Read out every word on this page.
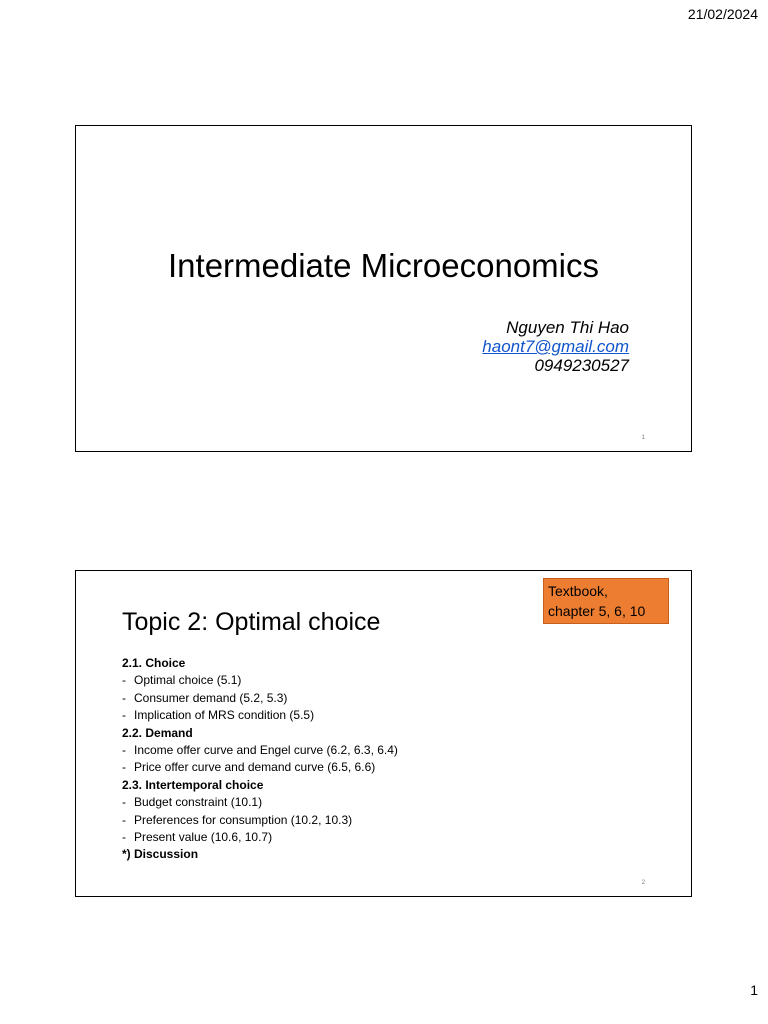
21/02/2024
Intermediate Microeconomics
Nguyen Thi Hao
haont7@gmail.com
0949230527
1
Topic 2: Optimal choice
Textbook,
chapter 5, 6, 10
2.1. Choice
- Optimal choice (5.1)
- Consumer demand (5.2, 5.3)
- Implication of MRS condition (5.5)
2.2. Demand
- Income offer curve and Engel curve (6.2, 6.3, 6.4)
- Price offer curve and demand curve (6.5, 6.6)
2.3. Intertemporal choice
- Budget constraint (10.1)
- Preferences for consumption (10.2, 10.3)
- Present value (10.6, 10.7)
*) Discussion
2
1
